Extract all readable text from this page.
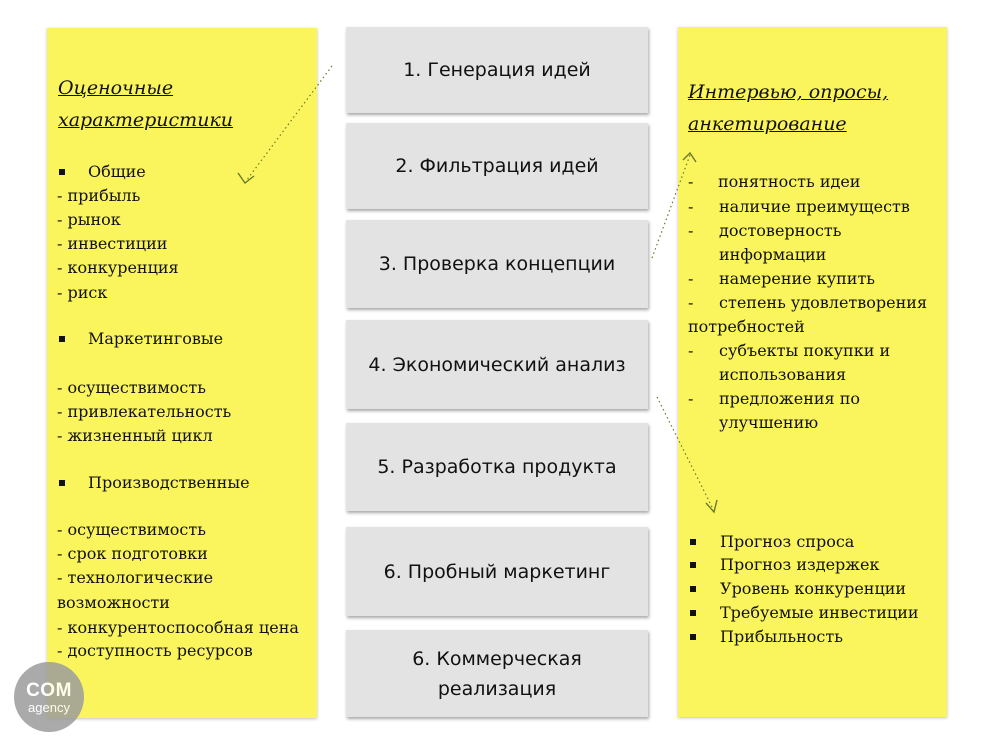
Оценочные
характеристики
Общие
- прибыль
- рынок
- инвестиции
- конкуренция
- риск
Маркетинговые
- осуществимость
- привлекательность
- жизненный цикл
Производственные
- осуществимость
- срок подготовки
- технологические
возможности
- конкурентоспособная цена
- доступность ресурсов
1. Генерация идей
2. Фильтрация идей
3. Проверка концепции
4. Экономический анализ
5. Разработка продукта
6. Пробный маркетинг
6. Коммерческая
реализация
Интервью, опросы,
анкетирование
- понятность идеи
- наличие преимуществ
- достоверность
информации
- намерение купить
- степень удовлетворения
потребностей
- субъекты покупки и
использования
- предложения по
улучшению
Прогноз спроса
Прогноз издержек
Уровень конкуренции
Требуемые инвестиции
Прибыльность
COM
agency
